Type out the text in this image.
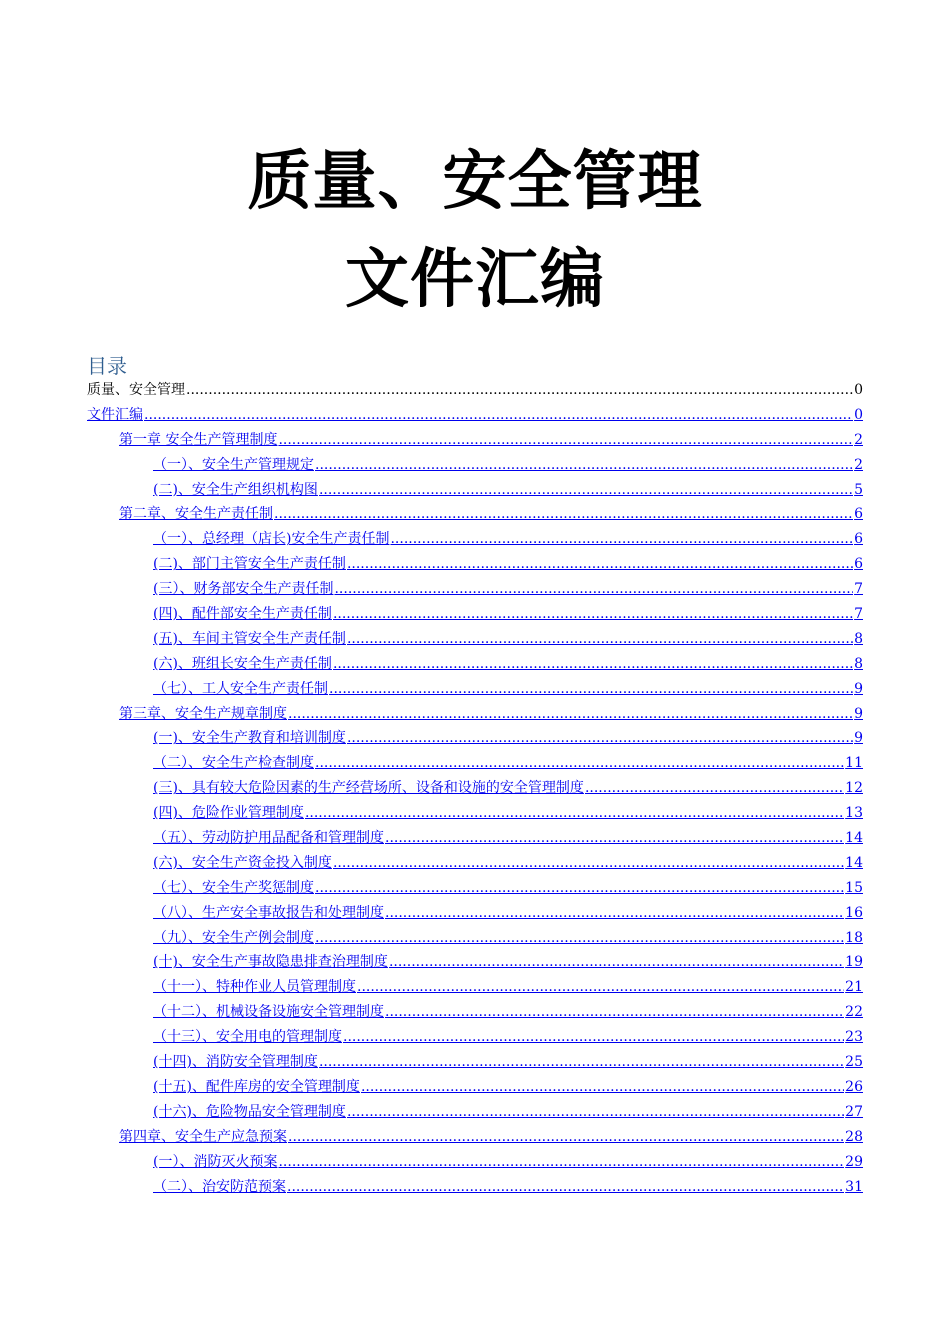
质量、安全管理
文件汇编
目录
质量、安全管理 .....	0
文件汇编 .....	0
第一章 安全生产管理制度 .....	2
（一）、安全生产管理规定 .....	2
(二)、安全生产组织机构图 .....	5
第二章、安全生产责任制 .....	6
（一）、总经理（店长)安全生产责任制 .....	6
(二)、部门主管安全生产责任制 .....	6
(三）、财务部安全生产责任制 .....	7
(四)、配件部安全生产责任制 .....	7
(五)、车间主管安全生产责任制 .....	8
(六)、班组长安全生产责任制 .....	8
（七）、工人安全生产责任制 .....	9
第三章、安全生产规章制度 .....	9
(一)、安全生产教育和培训制度 .....	9
（二）、安全生产检查制度 .....	11
(三)、具有较大危险因素的生产经营场所、设备和设施的安全管理制度 .....	12
(四)、危险作业管理制度 .....	13
（五）、劳动防护用品配备和管理制度 .....	14
(六)、安全生产资金投入制度 .....	14
（七）、安全生产奖惩制度 .....	15
（八）、生产安全事故报告和处理制度 .....	16
（九）、安全生产例会制度 .....	18
(十)、安全生产事故隐患排查治理制度 .....	19
（十一）、特种作业人员管理制度 .....	21
（十二）、机械设备设施安全管理制度 .....	22
（十三）、安全用电的管理制度 .....	23
(十四)、消防安全管理制度 .....	25
(十五)、配件库房的安全管理制度 .....	26
(十六)、危险物品安全管理制度 .....	27
第四章、安全生产应急预案 .....	28
(一）、消防灭火预案 .....	29
（二）、治安防范预案 .....	31
